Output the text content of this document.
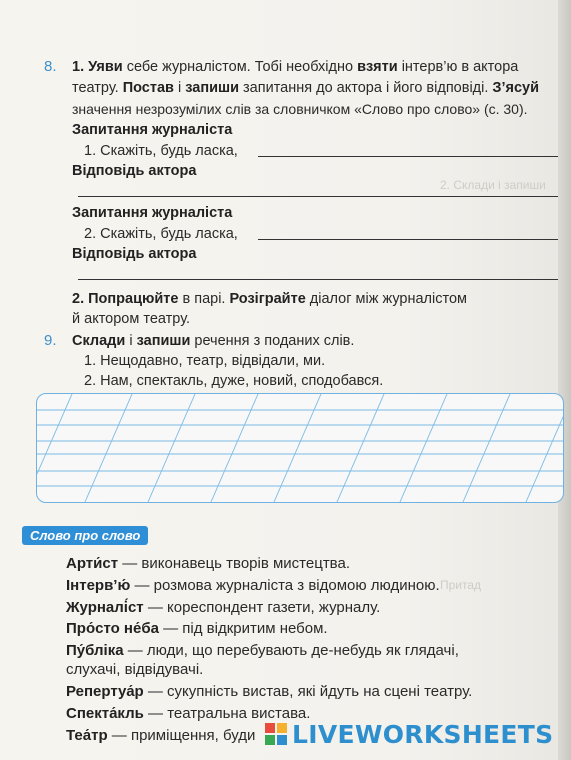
2. Склади і запиши
Притад
8. 1. Уяви себе журналістом. Тобі необхідно взяти інтерв’ю в актора
театру. Постав і запиши запитання до актора і його відповіді. З’ясуй
значення незрозумілих слів за словничком «Слово про слово» (с. 30).
Запитання журналіста
1. Скажіть, будь ласка,
Відповідь актора
Запитання журналіста
2. Скажіть, будь ласка,
Відповідь актора
2. Попрацюйте в парі. Розіграйте діалог між журналістом
й актором театру.
9. Склади і запиши речення з поданих слів.
1. Нещодавно, театр, відвідали, ми.
2. Нам, спектакль, дуже, новий, сподобався.
Слово про слово
Арти́ст — виконавець творів мистецтва.
Інтерв’ю́ — розмова журналіста з відомою людиною.
Журналі́ст — кореспондент газети, журналу.
Про́сто не́ба — під відкритим небом.
Пу́бліка — люди, що перебувають де-небудь як глядачі,
слухачі, відвідувачі.
Репертуа́р — сукупність вистав, які йдуть на сцені театру.
Спекта́кль — театральна вистава.
Теа́тр — приміщення, буди LIVEWORKSHEETS
